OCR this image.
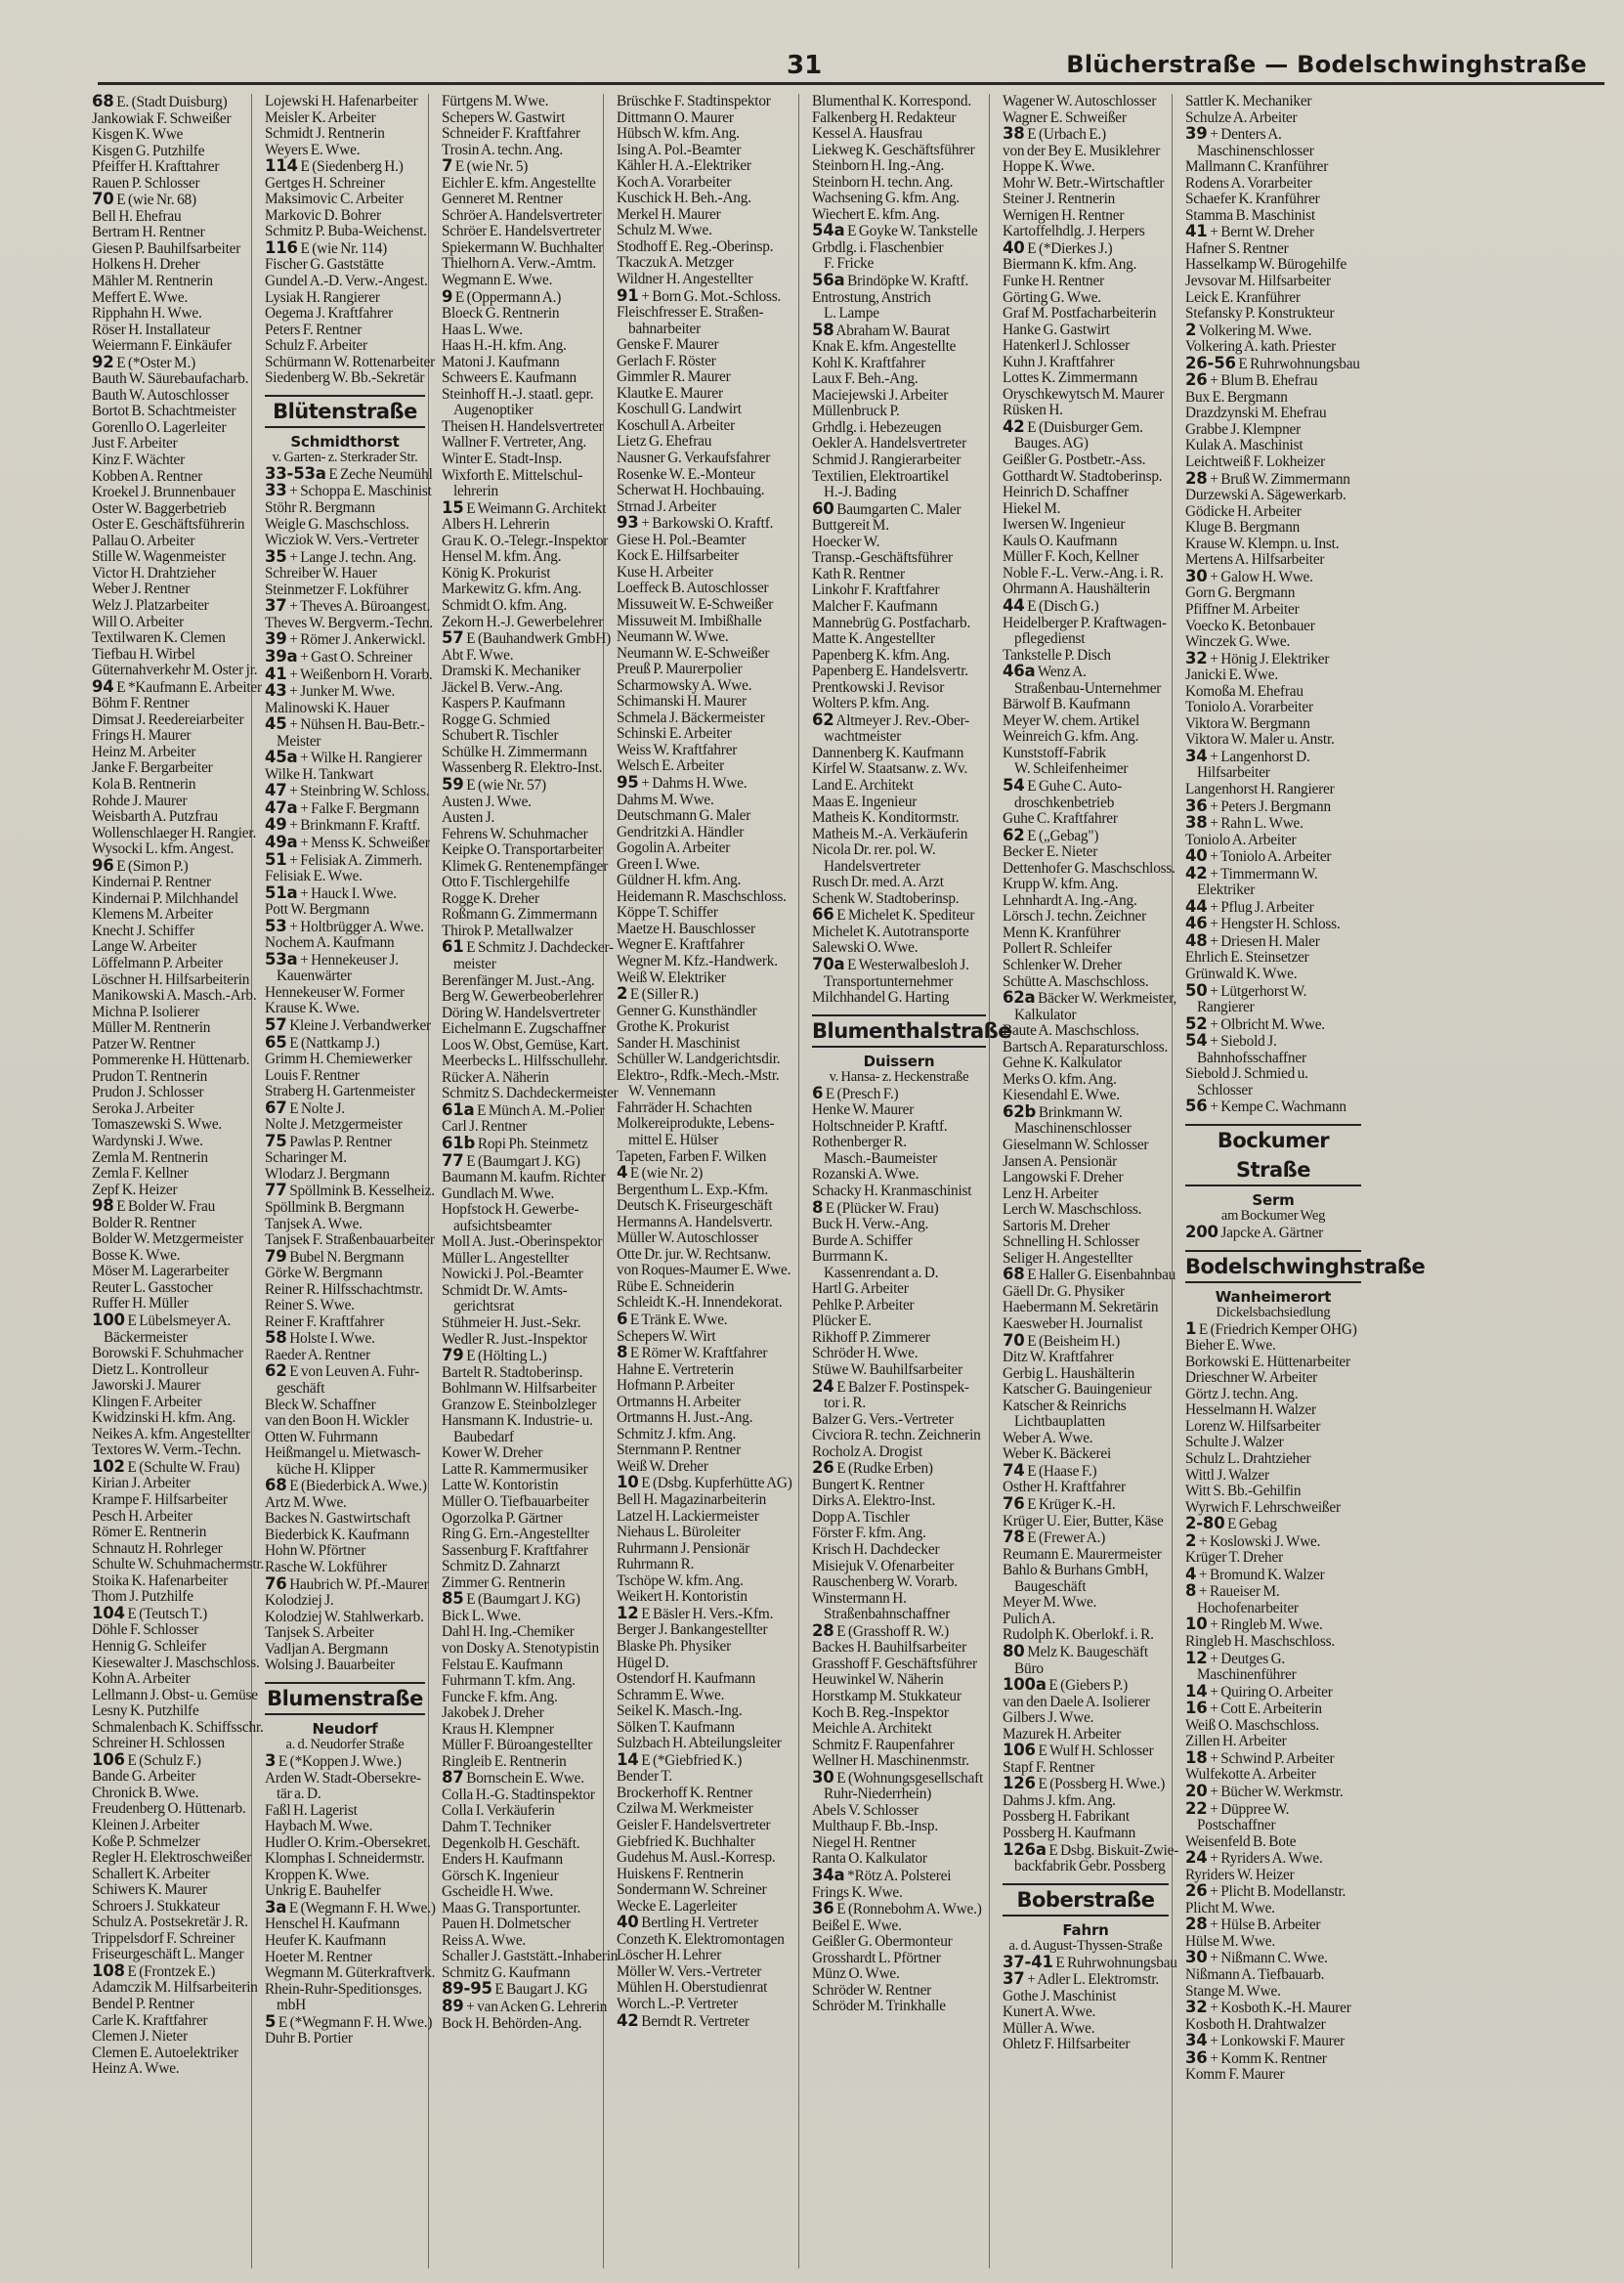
31	Blücherstraße — Bodelschwinghstraße
68 E. (Stadt Duisburg)
Jankowiak F. Schweißer
Kisgen K. Wwe
Kisgen G. Putzhilfe
Pfeiffer H. Krafttahrer
Rauen P. Schlosser
70 E (wie Nr. 68)
Bell H. Ehefrau
Bertram H. Rentner
Giesen P. Bauhilfsarbeiter
Holkens H. Dreher
Mähler M. Rentnerin
Meffert E. Wwe.
Ripphahn H. Wwe.
Röser H. Installateur
Weiermann F. Einkäufer
92 E (*Oster M.)
Bauth W. Säurebaufacharb.
Bauth W. Autoschlosser
Bortot B. Schachtmeister
Gorenllo O. Lagerleiter
Just F. Arbeiter
Kinz F. Wächter
Kobben A. Rentner
Kroekel J. Brunnenbauer
Oster W. Baggerbetrieb
Oster E. Geschäftsführerin
Pallau O. Arbeiter
Stille W. Wagenmeister
Victor H. Drahtzieher
Weber J. Rentner
Welz J. Platzarbeiter
Will O. Arbeiter
Textilwaren K. Clemen
Tiefbau H. Wirbel
Güternahverkehr M. Oster jr.
94 E *Kaufmann E. Arbeiter
Böhm F. Rentner
Dimsat J. Reedereiarbeiter
Frings H. Maurer
Heinz M. Arbeiter
Janke F. Bergarbeiter
Kola B. Rentnerin
Rohde J. Maurer
Weisbarth A. Putzfrau
Wollenschlaeger H. Rangier.
Wysocki L. kfm. Angest.
96 E (Simon P.)
Kindernai P. Rentner
Kindernai P. Milchhandel
Klemens M. Arbeiter
Knecht J. Schiffer
Lange W. Arbeiter
Löffelmann P. Arbeiter
Löschner H. Hilfsarbeiterin
Manikowski A. Masch.-Arb.
Michna P. Isolierer
Müller M. Rentnerin
Patzer W. Rentner
Pommerenke H. Hüttenarb.
Prudon T. Rentnerin
Prudon J. Schlosser
Seroka J. Arbeiter
Tomaszewski S. Wwe.
Wardynski J. Wwe.
Zemla M. Rentnerin
Zemla F. Kellner
Zepf K. Heizer
98 E Bolder W. Frau
Bolder R. Rentner
Bolder W. Metzgermeister
Bosse K. Wwe.
Möser M. Lagerarbeiter
Reuter L. Gasstocher
Ruffer H. Müller
100 E Lübelsmeyer A.
Bäckermeister
Borowski F. Schuhmacher
Dietz L. Kontrolleur
Jaworski J. Maurer
Klingen F. Arbeiter
Kwidzinski H. kfm. Ang.
Neikes A. kfm. Angestellter
Textores W. Verm.-Techn.
102 E (Schulte W. Frau)
Kirian J. Arbeiter
Krampe F. Hilfsarbeiter
Pesch H. Arbeiter
Römer E. Rentnerin
Schnautz H. Rohrleger
Schulte W. Schuhmachermstr.
Stoika K. Hafenarbeiter
Thom J. Putzhilfe
104 E (Teutsch T.)
Döhle F. Schlosser
Hennig G. Schleifer
Kiesewalter J. Maschschloss.
Kohn A. Arbeiter
Lellmann J. Obst- u. Gemüse
Lesny K. Putzhilfe
Schmalenbach K. Schiffsschr.
Schreiner H. Schlossen
106 E (Schulz F.)
Bande G. Arbeiter
Chronick B. Wwe.
Freudenberg O. Hüttenarb.
Kleinen J. Arbeiter
Koße P. Schmelzer
Regler H. Elektroschweißer
Schallert K. Arbeiter
Schiwers K. Maurer
Schroers J. Stukkateur
Schulz A. Postsekretär J. R.
Trippelsdorf F. Schreiner
Friseurgeschäft L. Manger
108 E (Frontzek E.)
Adamczik M. Hilfsarbeiterin
Bendel P. Rentner
Carle K. Kraftfahrer
Clemen J. Nieter
Clemen E. Autoelektriker
Heinz A. Wwe.
Lojewski H. Hafenarbeiter
Meisler K. Arbeiter
Schmidt J. Rentnerin
Weyers E. Wwe.
114 E (Siedenberg H.)
Gertges H. Schreiner
Maksimovic C. Arbeiter
Markovic D. Bohrer
Schmitz P. Buba-Weichenst.
116 E (wie Nr. 114)
Fischer G. Gaststätte
Gundel A.-D. Verw.-Angest.
Lysiak H. Rangierer
Oegema J. Kraftfahrer
Peters F. Rentner
Schulz F. Arbeiter
Schürmann W. Rottenarbeiter
Siedenberg W. Bb.-Sekretär
Blütenstraße
Schmidthorst
v. Garten- z. Sterkrader Str.
33-53a E Zeche Neumühl
33 + Schoppa E. Maschinist
Stöhr R. Bergmann
Weigle G. Maschschloss.
Wicziok W. Vers.-Vertreter
35 + Lange J. techn. Ang.
Schreiber W. Hauer
Steinmetzer F. Lokführer
37 + Theves A. Büroangest.
Theves W. Bergverm.-Techn.
39 + Römer J. Ankerwickl.
39a + Gast O. Schreiner
41 + Weißenborn H. Vorarb.
43 + Junker M. Wwe.
Malinowski K. Hauer
45 + Nühsen H. Bau-Betr.-
Meister
45a + Wilke H. Rangierer
Wilke H. Tankwart
47 + Steinbring W. Schloss.
47a + Falke F. Bergmann
49 + Brinkmann F. Kraftf.
49a + Menss K. Schweißer
51 + Felisiak A. Zimmerh.
Felisiak E. Wwe.
51a + Hauck I. Wwe.
Pott W. Bergmann
53 + Holtbrügger A. Wwe.
Nochem A. Kaufmann
53a + Hennekeuser J.
Kauenwärter
Hennekeuser W. Former
Krause K. Wwe.
57 Kleine J. Verbandwerker
65 E (Nattkamp J.)
Grimm H. Chemiewerker
Louis F. Rentner
Straberg H. Gartenmeister
67 E Nolte J.
Nolte J. Metzgermeister
75 Pawlas P. Rentner
Scharinger M.
Wlodarz J. Bergmann
77 Spöllmink B. Kesselheiz.
Spöllmink B. Bergmann
Tanjsek A. Wwe.
Tanjsek F. Straßenbauarbeiter
79 Bubel N. Bergmann
Görke W. Bergmann
Reiner R. Hilfsschachtmstr.
Reiner S. Wwe.
Reiner F. Kraftfahrer
58 Holste I. Wwe.
Raeder A. Rentner
62 E von Leuven A. Fuhr-
geschäft
Bleck W. Schaffner
van den Boon H. Wickler
Otten W. Fuhrmann
Heißmangel u. Mietwasch-
küche H. Klipper
68 E (Biederbick A. Wwe.)
Artz M. Wwe.
Backes N. Gastwirtschaft
Biederbick K. Kaufmann
Hohn W. Pförtner
Rasche W. Lokführer
76 Haubrich W. Pf.-Maurer
Kolodziej J.
Kolodziej W. Stahlwerkarb.
Tanjsek S. Arbeiter
Vadljan A. Bergmann
Wolsing J. Bauarbeiter
Blumenstraße
Neudorf
a. d. Neudorfer Straße
3 E (*Koppen J. Wwe.)
Arden W. Stadt-Obersekre-
tär a. D.
Faßl H. Lagerist
Haybach M. Wwe.
Hudler O. Krim.-Obersekret.
Klomphas I. Schneidermstr.
Kroppen K. Wwe.
Unkrig E. Bauhelfer
3a E (Wegmann F. H. Wwe.)
Henschel H. Kaufmann
Heufer K. Kaufmann
Hoeter M. Rentner
Wegmann M. Güterkraftverk.
Rhein-Ruhr-Speditionsges.
mbH
5 E (*Wegmann F. H. Wwe.)
Duhr B. Portier
Fürtgens M. Wwe.
Schepers W. Gastwirt
Schneider F. Kraftfahrer
Trosin A. techn. Ang.
7 E (wie Nr. 5)
Eichler E. kfm. Angestellte
Genneret M. Rentner
Schröer A. Handelsvertreter
Schröer E. Handelsvertreter
Spiekermann W. Buchhalter
Thielhorn A. Verw.-Amtm.
Wegmann E. Wwe.
9 E (Oppermann A.)
Bloeck G. Rentnerin
Haas L. Wwe.
Haas H.-H. kfm. Ang.
Matoni J. Kaufmann
Schweers E. Kaufmann
Steinhoff H.-J. staatl. gepr.
Augenoptiker
Theisen H. Handelsvertreter
Wallner F. Vertreter, Ang.
Winter E. Stadt-Insp.
Wixforth E. Mittelschul-
lehrerin
15 E Weimann G. Architekt
Albers H. Lehrerin
Grau K. O.-Telegr.-Inspektor
Hensel M. kfm. Ang.
König K. Prokurist
Markewitz G. kfm. Ang.
Schmidt O. kfm. Ang.
Zekorn H.-J. Gewerbelehrer
57 E (Bauhandwerk GmbH)
Abt F. Wwe.
Dramski K. Mechaniker
Jäckel B. Verw.-Ang.
Kaspers P. Kaufmann
Rogge G. Schmied
Schubert R. Tischler
Schülke H. Zimmermann
Wassenberg R. Elektro-Inst.
59 E (wie Nr. 57)
Austen J. Wwe.
Austen J.
Fehrens W. Schuhmacher
Keipke O. Transportarbeiter
Klimek G. Rentenempfänger
Otto F. Tischlergehilfe
Rogge K. Dreher
Roßmann G. Zimmermann
Thirok P. Metallwalzer
61 E Schmitz J. Dachdecker-
meister
Berenfänger M. Just.-Ang.
Berg W. Gewerbeoberlehrer
Döring W. Handelsvertreter
Eichelmann E. Zugschaffner
Loos W. Obst, Gemüse, Kart.
Meerbecks L. Hilfsschullehr.
Rücker A. Näherin
Schmitz S. Dachdeckermeister
61a E Münch A. M.-Polier
Carl J. Rentner
61b Ropi Ph. Steinmetz
77 E (Baumgart J. KG)
Baumann M. kaufm. Richter
Gundlach M. Wwe.
Hopfstock H. Gewerbe-
aufsichtsbeamter
Moll A. Just.-Oberinspektor
Müller L. Angestellter
Nowicki J. Pol.-Beamter
Schmidt Dr. W. Amts-
gerichtsrat
Stühmeier H. Just.-Sekr.
Wedler R. Just.-Inspektor
79 E (Hölting L.)
Bartelt R. Stadtoberinsp.
Bohlmann W. Hilfsarbeiter
Granzow E. Steinbolzleger
Hansmann K. Industrie- u.
Baubedarf
Kower W. Dreher
Latte R. Kammermusiker
Latte W. Kontoristin
Müller O. Tiefbauarbeiter
Ogorzolka P. Gärtner
Ring G. Ern.-Angestellter
Sassenburg F. Kraftfahrer
Schmitz D. Zahnarzt
Zimmer G. Rentnerin
85 E (Baumgart J. KG)
Bick L. Wwe.
Dahl H. Ing.-Chemiker
von Dosky A. Stenotypistin
Felstau E. Kaufmann
Fuhrmann T. kfm. Ang.
Funcke F. kfm. Ang.
Jakobek J. Dreher
Kraus H. Klempner
Müller F. Büroangestellter
Ringleib E. Rentnerin
87 Bornschein E. Wwe.
Colla H.-G. Stadtinspektor
Colla I. Verkäuferin
Dahm T. Techniker
Degenkolb H. Geschäft.
Enders H. Kaufmann
Görsch K. Ingenieur
Gscheidle H. Wwe.
Maas G. Transportunter.
Pauen H. Dolmetscher
Reiss A. Wwe.
Schaller J. Gaststätt.-Inhaberin
Schmitz G. Kaufmann
89-95 E Baugart J. KG
89 + van Acken G. Lehrerin
Bock H. Behörden-Ang.
Brüschke F. Stadtinspektor
Dittmann O. Maurer
Hübsch W. kfm. Ang.
Ising A. Pol.-Beamter
Kähler H. A.-Elektriker
Koch A. Vorarbeiter
Kuschick H. Beh.-Ang.
Merkel H. Maurer
Schulz M. Wwe.
Stodhoff E. Reg.-Oberinsp.
Tkaczuk A. Metzger
Wildner H. Angestellter
91 + Born G. Mot.-Schloss.
Fleischfresser E. Straßen-
bahnarbeiter
Genske F. Maurer
Gerlach F. Röster
Gimmler R. Maurer
Klautke E. Maurer
Koschull G. Landwirt
Koschull A. Arbeiter
Lietz G. Ehefrau
Nausner G. Verkaufsfahrer
Rosenke W. E.-Monteur
Scherwat H. Hochbauing.
Strnad J. Arbeiter
93 + Barkowski O. Kraftf.
Giese H. Pol.-Beamter
Kock E. Hilfsarbeiter
Kuse H. Arbeiter
Loeffeck B. Autoschlosser
Missuweit W. E-Schweißer
Missuweit M. Imbißhalle
Neumann W. Wwe.
Neumann W. E-Schweißer
Preuß P. Maurerpolier
Scharmowsky A. Wwe.
Schimanski H. Maurer
Schmela J. Bäckermeister
Schinski E. Arbeiter
Weiss W. Kraftfahrer
Welsch E. Arbeiter
95 + Dahms H. Wwe.
Dahms M. Wwe.
Deutschmann G. Maler
Gendritzki A. Händler
Gogolin A. Arbeiter
Green I. Wwe.
Güldner H. kfm. Ang.
Heidemann R. Maschschloss.
Köppe T. Schiffer
Maetze H. Bauschlosser
Wegner E. Kraftfahrer
Wegner M. Kfz.-Handwerk.
Weiß W. Elektriker
2 E (Siller R.)
Genner G. Kunsthändler
Grothe K. Prokurist
Sander H. Maschinist
Schüller W. Landgerichtsdir.
Elektro-, Rdfk.-Mech.-Mstr.
W. Vennemann
Fahrräder H. Schachten
Molkereiprodukte, Lebens-
mittel E. Hülser
Tapeten, Farben F. Wilken
4 E (wie Nr. 2)
Bergenthum L. Exp.-Kfm.
Deutsch K. Friseurgeschäft
Hermanns A. Handelsvertr.
Müller W. Autoschlosser
Otte Dr. jur. W. Rechtsanw.
von Roques-Maumer E. Wwe.
Rübe E. Schneiderin
Schleidt K.-H. Innendekorat.
6 E Tränk E. Wwe.
Schepers W. Wirt
8 E Römer W. Kraftfahrer
Hahne E. Vertreterin
Hofmann P. Arbeiter
Ortmanns H. Arbeiter
Ortmanns H. Just.-Ang.
Schmitz J. kfm. Ang.
Sternmann P. Rentner
Weiß W. Dreher
10 E (Dsbg. Kupferhütte AG)
Bell H. Magazinarbeiterin
Latzel H. Lackiermeister
Niehaus L. Büroleiter
Ruhrmann J. Pensionär
Ruhrmann R.
Tschöpe W. kfm. Ang.
Weikert H. Kontoristin
12 E Bäsler H. Vers.-Kfm.
Berger J. Bankangestellter
Blaske Ph. Physiker
Hügel D.
Ostendorf H. Kaufmann
Schramm E. Wwe.
Seikel K. Masch.-Ing.
Sölken T. Kaufmann
Sulzbach H. Abteilungsleiter
14 E (*Giebfried K.)
Bender T.
Brockerhoff K. Rentner
Czilwa M. Werkmeister
Geisler F. Handelsvertreter
Giebfried K. Buchhalter
Gudehus M. Ausl.-Korresp.
Huiskens F. Rentnerin
Sondermann W. Schreiner
Wecke E. Lagerleiter
40 Bertling H. Vertreter
Conzeth K. Elektromontagen
Löscher H. Lehrer
Möller W. Vers.-Vertreter
Mühlen H. Oberstudienrat
Worch L.-P. Vertreter
42 Berndt R. Vertreter
Blumenthal K. Korrespond.
Falkenberg H. Redakteur
Kessel A. Hausfrau
Liekweg K. Geschäftsführer
Steinborn H. Ing.-Ang.
Steinborn H. techn. Ang.
Wachsening G. kfm. Ang.
Wiechert E. kfm. Ang.
54a E Goyke W. Tankstelle
Grbdlg. i. Flaschenbier
F. Fricke
56a Brindöpke W. Kraftf.
Entrostung, Anstrich
L. Lampe
58 Abraham W. Baurat
Knak E. kfm. Angestellte
Kohl K. Kraftfahrer
Laux F. Beh.-Ang.
Maciejewski J. Arbeiter
Müllenbruck P.
Grhdlg. i. Hebezeugen
Oekler A. Handelsvertreter
Schmid J. Rangierarbeiter
Textilien, Elektroartikel
H.-J. Bading
60 Baumgarten C. Maler
Buttgereit M.
Hoecker W.
Transp.-Geschäftsführer
Kath R. Rentner
Linkohr F. Kraftfahrer
Malcher F. Kaufmann
Mannebrüg G. Postfacharb.
Matte K. Angestellter
Papenberg K. kfm. Ang.
Papenberg E. Handelsvertr.
Prentkowski J. Revisor
Wolters P. kfm. Ang.
62 Altmeyer J. Rev.-Ober-
wachtmeister
Dannenberg K. Kaufmann
Kirfel W. Staatsanw. z. Wv.
Land E. Architekt
Maas E. Ingenieur
Matheis K. Konditormstr.
Matheis M.-A. Verkäuferin
Nicola Dr. rer. pol. W.
Handelsvertreter
Rusch Dr. med. A. Arzt
Schenk W. Stadtoberinsp.
66 E Michelet K. Spediteur
Michelet K. Autotransporte
Salewski O. Wwe.
70a E Westerwalbesloh J.
Transportunternehmer
Milchhandel G. Harting
Blumenthalstraße
Duissern
v. Hansa- z. Heckenstraße
6 E (Presch F.)
Henke W. Maurer
Holtschneider P. Kraftf.
Rothenberger R.
Masch.-Baumeister
Rozanski A. Wwe.
Schacky H. Kranmaschinist
8 E (Plücker W. Frau)
Buck H. Verw.-Ang.
Burde A. Schiffer
Burrmann K.
Kassenrendant a. D.
Hartl G. Arbeiter
Pehlke P. Arbeiter
Plücker E.
Rikhoff P. Zimmerer
Schröder H. Wwe.
Stüwe W. Bauhilfsarbeiter
24 E Balzer F. Postinspek-
tor i. R.
Balzer G. Vers.-Vertreter
Civciora R. techn. Zeichnerin
Rocholz A. Drogist
26 E (Rudke Erben)
Bungert K. Rentner
Dirks A. Elektro-Inst.
Dopp A. Tischler
Förster F. kfm. Ang.
Krisch H. Dachdecker
Misiejuk V. Ofenarbeiter
Rauschenberg W. Vorarb.
Winstermann H.
Straßenbahnschaffner
28 E (Grasshoff R. W.)
Backes H. Bauhilfsarbeiter
Grasshoff F. Geschäftsführer
Heuwinkel W. Näherin
Horstkamp M. Stukkateur
Koch B. Reg.-Inspektor
Meichle A. Architekt
Schmitz F. Raupenfahrer
Wellner H. Maschinenmstr.
30 E (Wohnungsgesellschaft
Ruhr-Niederrhein)
Abels V. Schlosser
Multhaup F. Bb.-Insp.
Niegel H. Rentner
Ranta O. Kalkulator
34a *Rötz A. Polsterei
Frings K. Wwe.
36 E (Ronnebohm A. Wwe.)
Beißel E. Wwe.
Geißler G. Obermonteur
Grosshardt L. Pförtner
Münz O. Wwe.
Schröder W. Rentner
Schröder M. Trinkhalle
Wagener W. Autoschlosser
Wagner E. Schweißer
38 E (Urbach E.)
von der Bey E. Musiklehrer
Hoppe K. Wwe.
Mohr W. Betr.-Wirtschaftler
Steiner J. Rentnerin
Wernigen H. Rentner
Kartoffelhdlg. J. Herpers
40 E (*Dierkes J.)
Biermann K. kfm. Ang.
Funke H. Rentner
Görting G. Wwe.
Graf M. Postfacharbeiterin
Hanke G. Gastwirt
Hatenkerl J. Schlosser
Kuhn J. Kraftfahrer
Lottes K. Zimmermann
Oryschkewytsch M. Maurer
Rüsken H.
42 E (Duisburger Gem.
Bauges. AG)
Geißler G. Postbetr.-Ass.
Gotthardt W. Stadtoberinsp.
Heinrich D. Schaffner
Hiekel M.
Iwersen W. Ingenieur
Kauls O. Kaufmann
Müller F. Koch, Kellner
Noble F.-L. Verw.-Ang. i. R.
Ohrmann A. Haushälterin
44 E (Disch G.)
Heidelberger P. Kraftwagen-
pflegedienst
Tankstelle P. Disch
46a Wenz A.
Straßenbau-Unternehmer
Bärwolf B. Kaufmann
Meyer W. chem. Artikel
Weinreich G. kfm. Ang.
Kunststoff-Fabrik
W. Schleifenheimer
54 E Guhe C. Auto-
droschkenbetrieb
Guhe C. Kraftfahrer
62 E („Gebag")
Becker E. Nieter
Dettenhofer G. Maschschloss.
Krupp W. kfm. Ang.
Lehnhardt A. Ing.-Ang.
Lörsch J. techn. Zeichner
Menn K. Kranführer
Pollert R. Schleifer
Schlenker W. Dreher
Schütte A. Maschschloss.
62a Bäcker W. Werkmeister,
Kalkulator
Baute A. Maschschloss.
Bartsch A. Reparaturschloss.
Gehne K. Kalkulator
Merks O. kfm. Ang.
Kiesendahl E. Wwe.
62b Brinkmann W.
Maschinenschlosser
Gieselmann W. Schlosser
Jansen A. Pensionär
Langowski F. Dreher
Lenz H. Arbeiter
Lerch W. Maschschloss.
Sartoris M. Dreher
Schnelling H. Schlosser
Seliger H. Angestellter
68 E Haller G. Eisenbahnbau
Gäell Dr. G. Physiker
Haebermann M. Sekretärin
Kaesweber H. Journalist
70 E (Beisheim H.)
Ditz W. Kraftfahrer
Gerbig L. Haushälterin
Katscher G. Bauingenieur
Katscher & Reinrichs
Lichtbauplatten
Weber A. Wwe.
Weber K. Bäckerei
74 E (Haase F.)
Osther H. Kraftfahrer
76 E Krüger K.-H.
Krüger U. Eier, Butter, Käse
78 E (Frewer A.)
Reumann E. Maurermeister
Bahlo & Burhans GmbH,
Baugeschäft
Meyer M. Wwe.
Pulich A.
Rudolph K. Oberlokf. i. R.
80 Melz K. Baugeschäft
Büro
100a E (Giebers P.)
van den Daele A. Isolierer
Gilbers J. Wwe.
Mazurek H. Arbeiter
106 E Wulf H. Schlosser
Stapf F. Rentner
126 E (Possberg H. Wwe.)
Dahms J. kfm. Ang.
Possberg H. Fabrikant
Possberg H. Kaufmann
126a E Dsbg. Biskuit-Zwie-
backfabrik Gebr. Possberg
Boberstraße
Fahrn
a. d. August-Thyssen-Straße
37-41 E Ruhrwohnungsbau
37 + Adler L. Elektromstr.
Gothe J. Maschinist
Kunert A. Wwe.
Müller A. Wwe.
Ohletz F. Hilfsarbeiter
Sattler K. Mechaniker
Schulze A. Arbeiter
39 + Denters A.
Maschinenschlosser
Mallmann C. Kranführer
Rodens A. Vorarbeiter
Schaefer K. Kranführer
Stamma B. Maschinist
41 + Bernt W. Dreher
Hafner S. Rentner
Hasselkamp W. Bürogehilfe
Jevsovar M. Hilfsarbeiter
Leick E. Kranführer
Stefansky P. Konstrukteur
2 Volkering M. Wwe.
Volkering A. kath. Priester
26-56 E Ruhrwohnungsbau
26 + Blum B. Ehefrau
Bux E. Bergmann
Drazdzynski M. Ehefrau
Grabbe J. Klempner
Kulak A. Maschinist
Leichtweiß F. Lokheizer
28 + Bruß W. Zimmermann
Durzewski A. Sägewerkarb.
Gödicke H. Arbeiter
Kluge B. Bergmann
Krause W. Klempn. u. Inst.
Mertens A. Hilfsarbeiter
30 + Galow H. Wwe.
Gorn G. Bergmann
Pfiffner M. Arbeiter
Voecko K. Betonbauer
Winczek G. Wwe.
32 + Hönig J. Elektriker
Janicki E. Wwe.
Komoßa M. Ehefrau
Toniolo A. Vorarbeiter
Viktora W. Bergmann
Viktora W. Maler u. Anstr.
34 + Langenhorst D.
Hilfsarbeiter
Langenhorst H. Rangierer
36 + Peters J. Bergmann
38 + Rahn L. Wwe.
Toniolo A. Arbeiter
40 + Toniolo A. Arbeiter
42 + Timmermann W.
Elektriker
44 + Pflug J. Arbeiter
46 + Hengster H. Schloss.
48 + Driesen H. Maler
Ehrlich E. Steinsetzer
Grünwald K. Wwe.
50 + Lütgerhorst W.
Rangierer
52 + Olbricht M. Wwe.
54 + Siebold J.
Bahnhofsschaffner
Siebold J. Schmied u.
Schlosser
56 + Kempe C. Wachmann
Bockumer Straße
Serm
am Bockumer Weg
200 Japcke A. Gärtner
Bodelschwinghstraße
Wanheimerort
Dickelsbachsiedlung
1 E (Friedrich Kemper OHG)
Bieher E. Wwe.
Borkowski E. Hüttenarbeiter
Drieschner W. Arbeiter
Görtz J. techn. Ang.
Hesselmann H. Walzer
Lorenz W. Hilfsarbeiter
Schulte J. Walzer
Schulz L. Drahtzieher
Wittl J. Walzer
Witt S. Bb.-Gehilfin
Wyrwich F. Lehrschweißer
2-80 E Gebag
2 + Koslowski J. Wwe.
Krüger T. Dreher
4 + Bromund K. Walzer
8 + Raueiser M.
Hochofenarbeiter
10 + Ringleb M. Wwe.
Ringleb H. Maschschloss.
12 + Deutges G.
Maschinenführer
14 + Quiring O. Arbeiter
16 + Cott E. Arbeiterin
Weiß O. Maschschloss.
Zillen H. Arbeiter
18 + Schwind P. Arbeiter
Wulfekotte A. Arbeiter
20 + Bücher W. Werkmstr.
22 + Düppree W.
Postschaffner
Weisenfeld B. Bote
24 + Ryriders A. Wwe.
Ryriders W. Heizer
26 + Plicht B. Modellanstr.
Plicht M. Wwe.
28 + Hülse B. Arbeiter
Hülse M. Wwe.
30 + Nißmann C. Wwe.
Nißmann A. Tiefbauarb.
Stange M. Wwe.
32 + Kosboth K.-H. Maurer
Kosboth H. Drahtwalzer
34 + Lonkowski F. Maurer
36 + Komm K. Rentner
Komm F. Maurer
